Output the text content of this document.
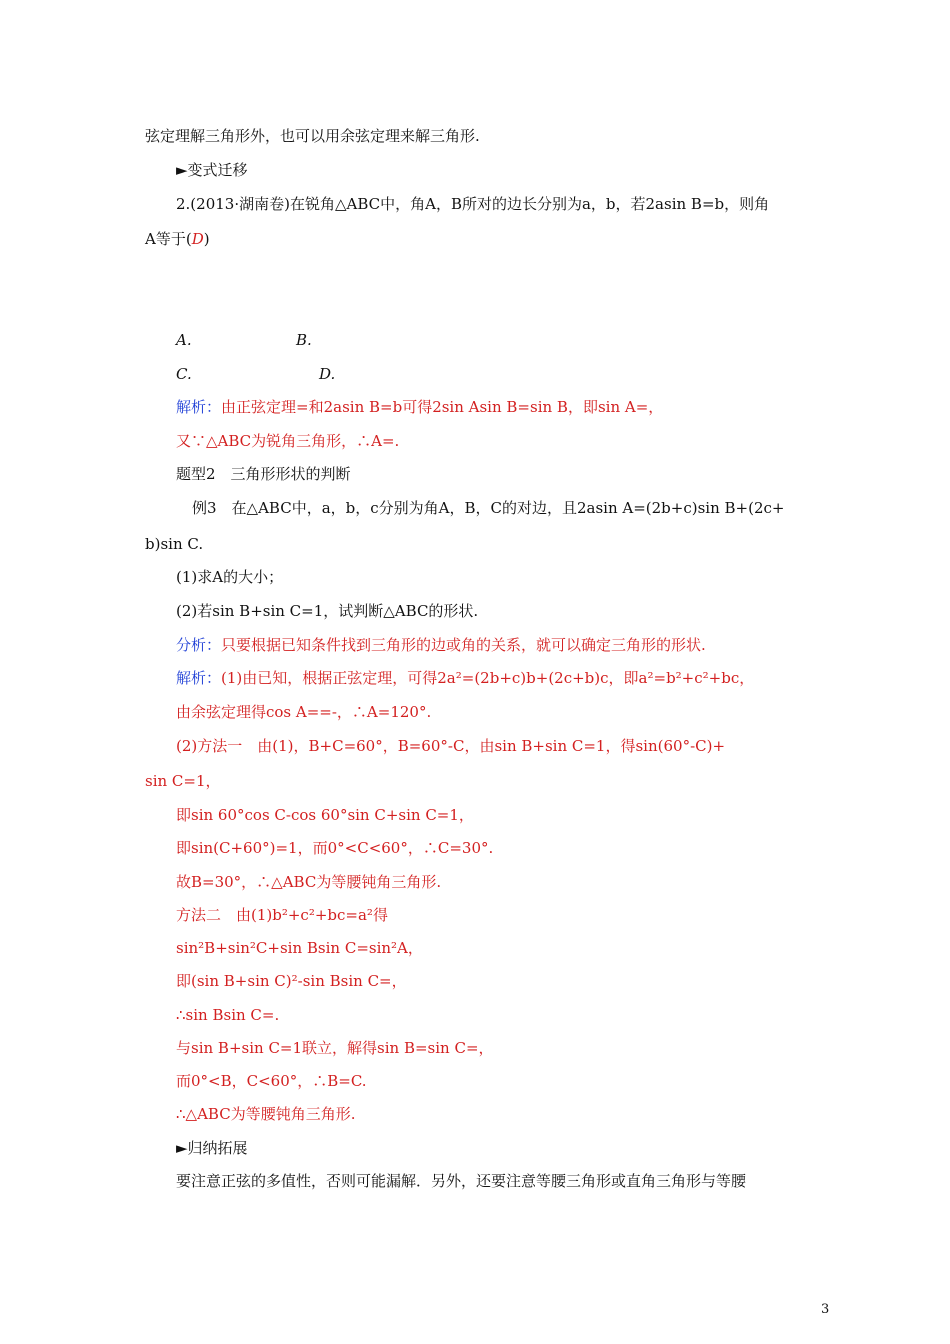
弦定理解三角形外，也可以用余弦定理来解三角形.
►变式迁移
2.(2013·湖南卷)在锐角△ABC中，角A，B所对的边长分别为a，b，若2asin B=b，则角
A等于(D)
A.	B.
C.	D.
解析：由正弦定理=和2asin B=b可得2sin Asin B=sin B，即sin A=，
又∵△ABC为锐角三角形，∴A=.
题型2　三角形形状的判断
例3　在△ABC中，a，b，c分别为角A，B，C的对边，且2asin A=(2b+c)sin B+(2c+
b)sin C.
(1)求A的大小；
(2)若sin B+sin C=1，试判断△ABC的形状.
分析：只要根据已知条件找到三角形的边或角的关系，就可以确定三角形的形状.
解析：(1)由已知，根据正弦定理，可得2a²=(2b+c)b+(2c+b)c，即a²=b²+c²+bc，
由余弦定理得cos A==-，∴A=120°.
(2)方法一　由(1)，B+C=60°，B=60°-C，由sin B+sin C=1，得sin(60°-C)+
sin C=1，
即sin 60°cos C-cos 60°sin C+sin C=1，
即sin(C+60°)=1，而0°<C<60°，∴C=30°.
故B=30°，∴△ABC为等腰钝角三角形.
方法二　由(1)b²+c²+bc=a²得
sin²B+sin²C+sin Bsin C=sin²A，
即(sin B+sin C)²-sin Bsin C=，
∴sin Bsin C=.
与sin B+sin C=1联立，解得sin B=sin C=，
而0°<B，C<60°，∴B=C.
∴△ABC为等腰钝角三角形.
►归纳拓展
要注意正弦的多值性，否则可能漏解．另外，还要注意等腰三角形或直角三角形与等腰
3
